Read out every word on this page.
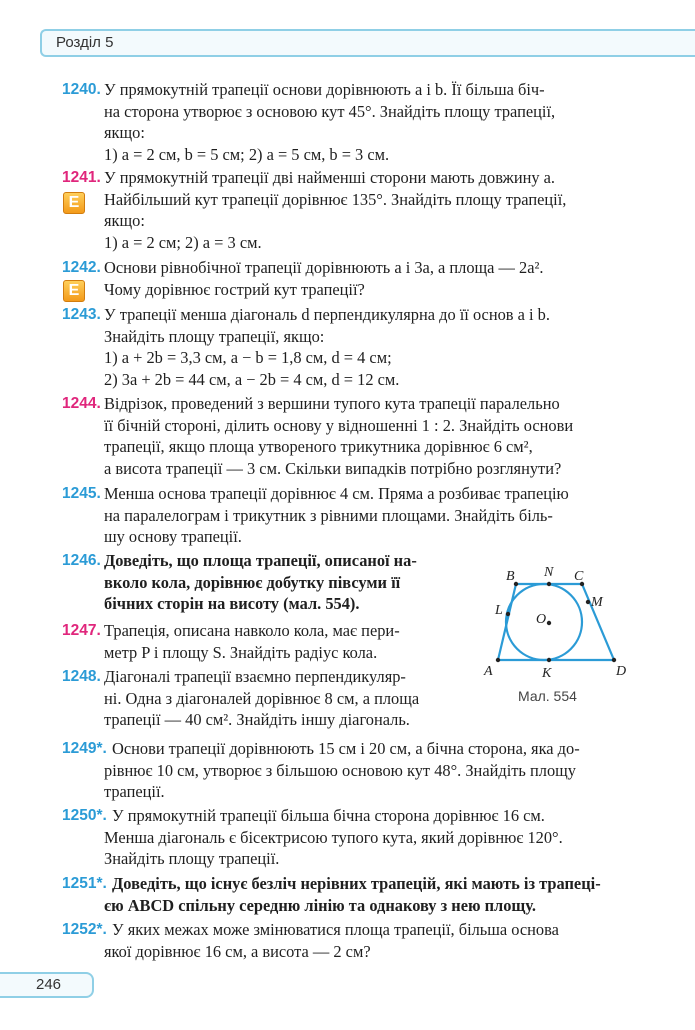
Розділ 5
1240. У прямокутній трапеції основи дорівнюють a і b. Її більша біч-
на сторона утворює з основою кут 45°. Знайдіть площу трапеції,
якщо:
1) a = 2 см, b = 5 см; 2) a = 5 см, b = 3 см.
1241. У прямокутній трапеції дві найменші сторони мають довжину a.
Найбільший кут трапеції дорівнює 135°. Знайдіть площу трапеції,
якщо:
1) a = 2 см; 2) a = 3 см.
E
1242. Основи рівнобічної трапеції дорівнюють a і 3a, а площа — 2a².
Чому дорівнює гострий кут трапеції?
E
1243. У трапеції менша діагональ d перпендикулярна до її основ a і b.
Знайдіть площу трапеції, якщо:
1) a + 2b = 3,3 см, a − b = 1,8 см, d = 4 см;
2) 3a + 2b = 44 см, a − 2b = 4 см, d = 12 см.
1244. Відрізок, проведений з вершини тупого кута трапеції паралельно
її бічній стороні, ділить основу у відношенні 1 : 2. Знайдіть основи
трапеції, якщо площа утвореного трикутника дорівнює 6 см²,
а висота трапеції — 3 см. Скільки випадків потрібно розглянути?
1245. Менша основа трапеції дорівнює 4 см. Пряма a розбиває трапецію
на паралелограм і трикутник з рівними площами. Знайдіть біль-
шу основу трапеції.
1246. Доведіть, що площа трапеції, описаної на-
вколо кола, дорівнює добутку півсуми її
бічних сторін на висоту (мал. 554).
1247. Трапеція, описана навколо кола, має пери-
метр P і площу S. Знайдіть радіус кола.
1248. Діагоналі трапеції взаємно перпендикуляр-
ні. Одна з діагоналей дорівнює 8 см, а площа
трапеції — 40 см². Знайдіть іншу діагональ.
B N C
M
L
O
A	K	D
Мал. 554
1249*. Основи трапеції дорівнюють 15 см і 20 см, а бічна сторона, яка до-
рівнює 10 см, утворює з більшою основою кут 48°. Знайдіть площу
трапеції.
1250*. У прямокутній трапеції більша бічна сторона дорівнює 16 см.
Менша діагональ є бісектрисою тупого кута, який дорівнює 120°.
Знайдіть площу трапеції.
1251*. Доведіть, що існує безліч нерівних трапецій, які мають із трапеці-
єю ABCD спільну середню лінію та однакову з нею площу.
1252*. У яких межах може змінюватися площа трапеції, більша основа
якої дорівнює 16 см, а висота — 2 см?
246
